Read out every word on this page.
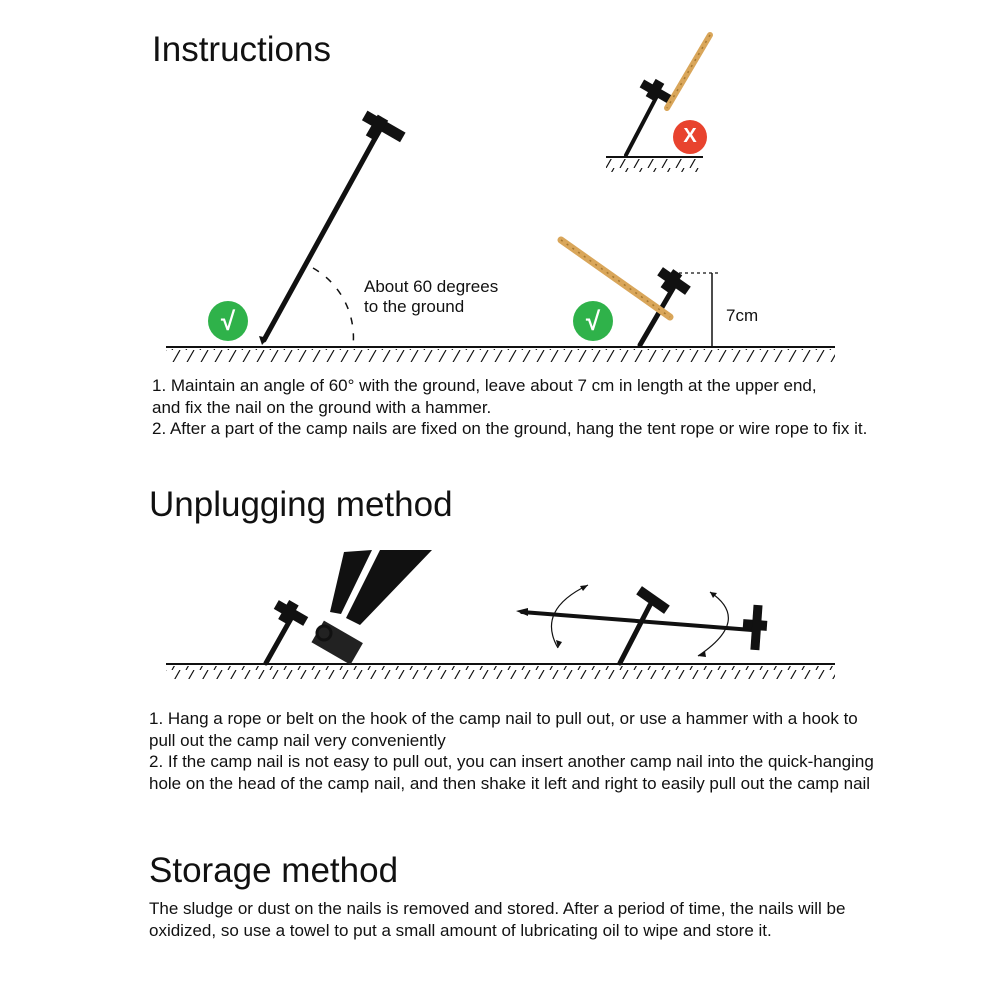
Instructions
√	√
X
About 60 degrees
to the ground	7cm

1. Maintain an angle of 60° with the ground, leave about 7 cm in length at the upper end,

and fix the nail on the ground with a hammer.

2. After a part of the camp nails are fixed on the ground, hang the tent rope or wire rope to fix it.

Unplugging method

1. Hang a rope or belt on the hook of the camp nail to pull out, or use a hammer with a hook to

pull out the camp nail very conveniently

2. If the camp nail is not easy to pull out, you can insert another camp nail into the quick-hanging

hole on the head of the camp nail, and then shake it left and right to easily pull out the camp nail

Storage method

The sludge or dust on the nails is removed and stored. After a period of time, the nails will be

oxidized, so use a towel to put a small amount of lubricating oil to wipe and store it.
